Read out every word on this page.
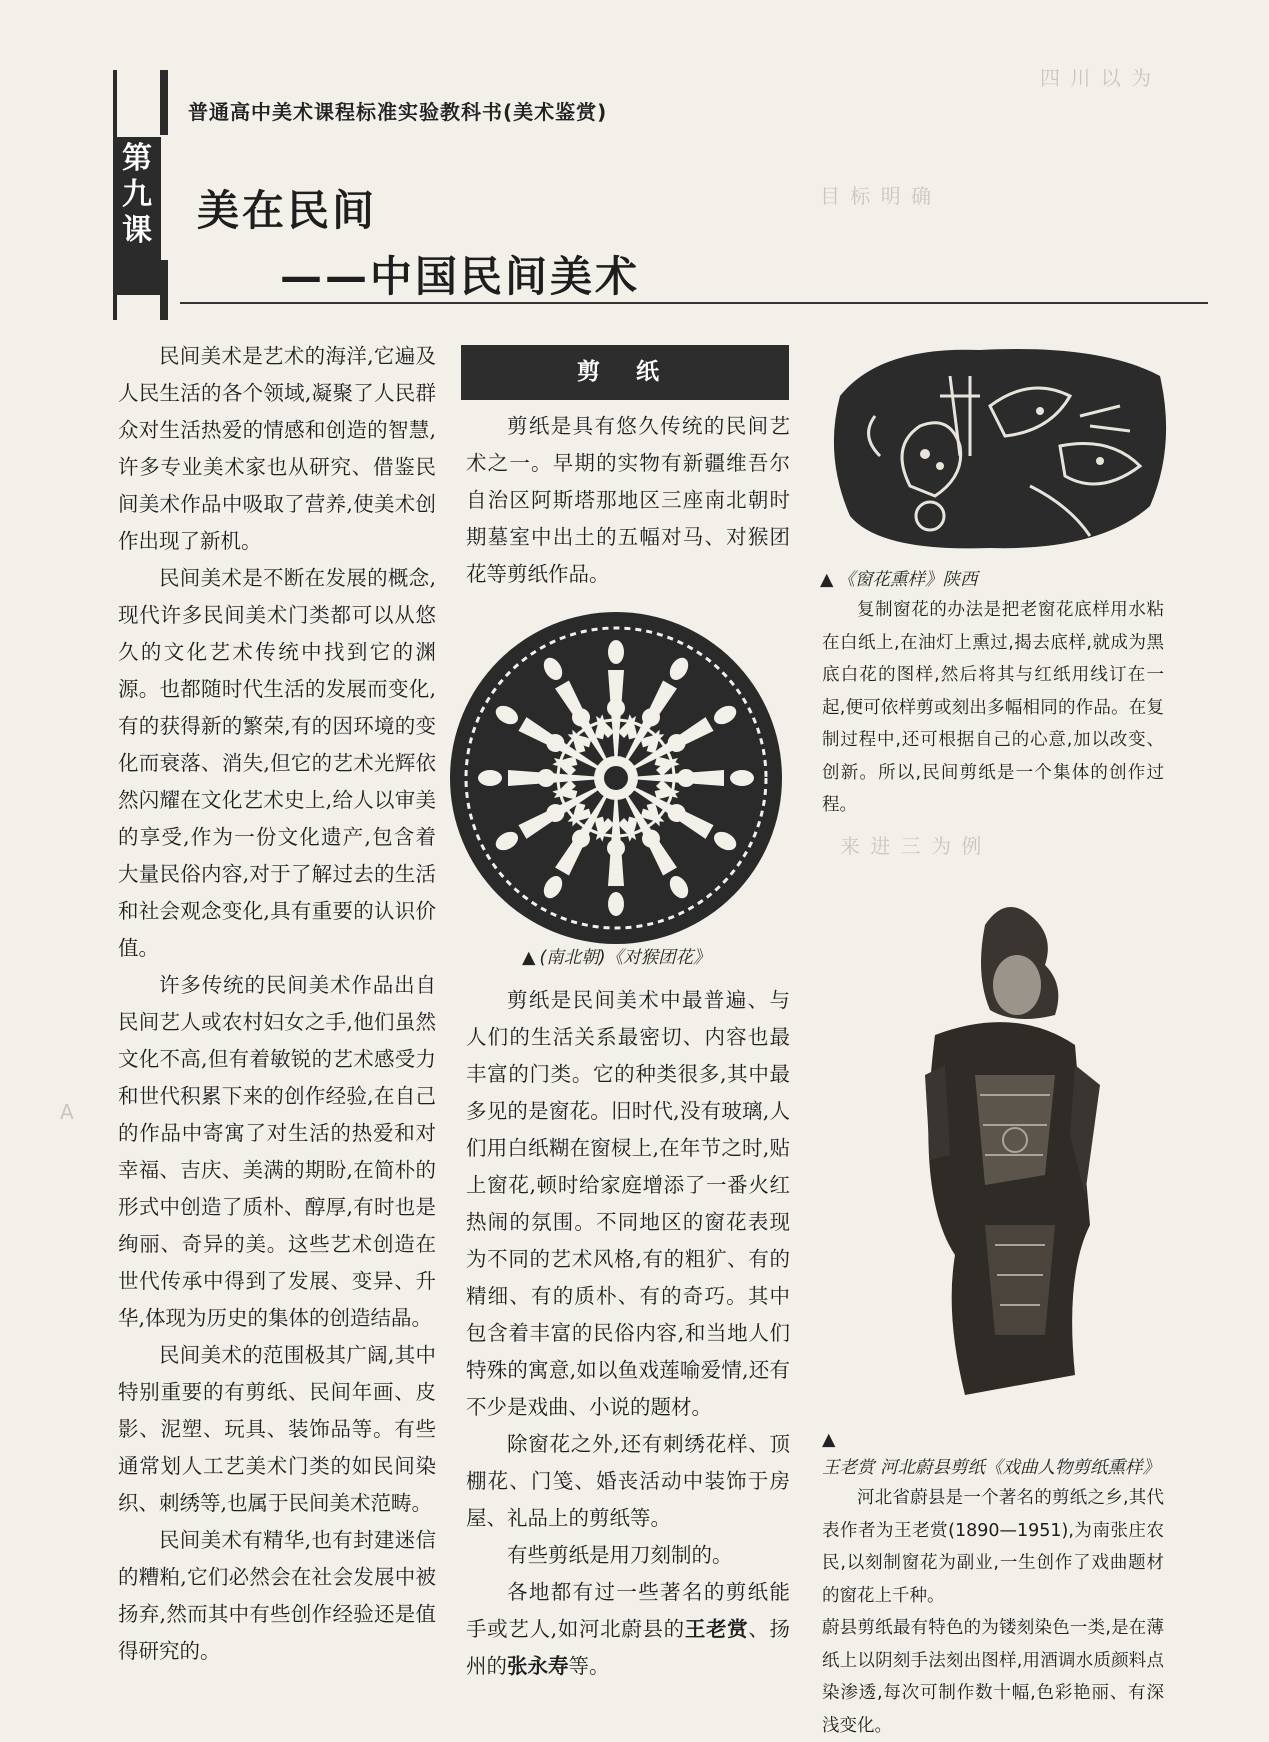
四 川 以 为
目 标 明 确
来 进 三 为 例
A
普通高中美术课程标准实验教科书(美术鉴赏)
第
九
课 美在民间
——中国民间美术

民间美术是艺术的海洋,它遍及人民生活的各个领域,凝聚了人民群众对生活热爱的情感和创造的智慧,许多专业美术家也从研究、借鉴民间美术作品中吸取了营养,使美术创作出现了新机。

民间美术是不断在发展的概念,现代许多民间美术门类都可以从悠久的文化艺术传统中找到它的渊源。也都随时代生活的发展而变化,有的获得新的繁荣,有的因环境的变化而衰落、消失,但它的艺术光辉依然闪耀在文化艺术史上,给人以审美的享受,作为一份文化遗产,包含着大量民俗内容,对于了解过去的生活和社会观念变化,具有重要的认识价值。

许多传统的民间美术作品出自民间艺人或农村妇女之手,他们虽然文化不高,但有着敏锐的艺术感受力和世代积累下来的创作经验,在自己的作品中寄寓了对生活的热爱和对幸福、吉庆、美满的期盼,在简朴的形式中创造了质朴、醇厚,有时也是绚丽、奇异的美。这些艺术创造在世代传承中得到了发展、变异、升华,体现为历史的集体的创造结晶。

民间美术的范围极其广阔,其中特别重要的有剪纸、民间年画、皮影、泥塑、玩具、装饰品等。有些通常划人工艺美术门类的如民间染织、刺绣等,也属于民间美术范畴。

民间美术有精华,也有封建迷信的糟粕,它们必然会在社会发展中被扬弃,然而其中有些创作经验还是值得研究的。

剪 纸

剪纸是具有悠久传统的民间艺术之一。早期的实物有新疆维吾尔自治区阿斯塔那地区三座南北朝时期墓室中出土的五幅对马、对猴团花等剪纸作品。

▲ (南北朝)《对猴团花》

剪纸是民间美术中最普遍、与人们的生活关系最密切、内容也最丰富的门类。它的种类很多,其中最多见的是窗花。旧时代,没有玻璃,人们用白纸糊在窗棂上,在年节之时,贴上窗花,顿时给家庭增添了一番火红热闹的氛围。不同地区的窗花表现为不同的艺术风格,有的粗犷、有的精细、有的质朴、有的奇巧。其中包含着丰富的民俗内容,和当地人们特殊的寓意,如以鱼戏莲喻爱情,还有不少是戏曲、小说的题材。

除窗花之外,还有刺绣花样、顶棚花、门笺、婚丧活动中装饰于房屋、礼品上的剪纸等。

有些剪纸是用刀刻制的。

各地都有过一些著名的剪纸能手或艺人,如河北蔚县的王老赏、扬州的张永寿等。

▲ 《窗花熏样》陕西

复制窗花的办法是把老窗花底样用水粘在白纸上,在油灯上熏过,揭去底样,就成为黑底白花的图样,然后将其与红纸用线订在一起,便可依样剪或刻出多幅相同的作品。在复制过程中,还可根据自己的心意,加以改变、创新。所以,民间剪纸是一个集体的创作过程。

▲王老赏 河北蔚县剪纸《戏曲人物剪纸熏样》

河北省蔚县是一个著名的剪纸之乡,其代表作者为王老赏(1890—1951),为南张庄农民,以刻制窗花为副业,一生创作了戏曲题材的窗花上千种。

蔚县剪纸最有特色的为镂刻染色一类,是在薄纸上以阴刻手法刻出图样,用酒调水质颜料点染渗透,每次可制作数十幅,色彩艳丽、有深浅变化。
